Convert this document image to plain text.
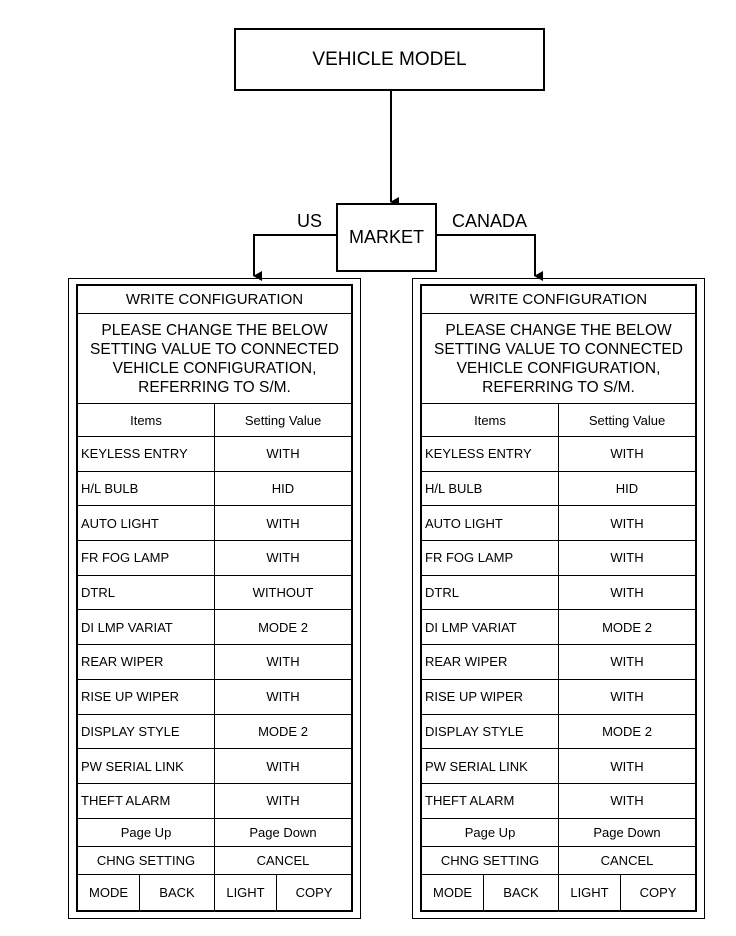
VEHICLE MODEL
MARKET
US	CANADA
WRITE CONFIGURATION
PLEASE CHANGE THE BELOW SETTING VALUE TO CONNECTED VEHICLE CONFIGURATION, REFERRING TO S/M.
Items	Setting Value
KEYLESS ENTRY	WITH
H/L BULB	HID
AUTO LIGHT	WITH
FR FOG LAMP	WITH
DTRL	WITHOUT
DI LMP VARIAT	MODE 2
REAR WIPER	WITH
RISE UP WIPER	WITH
DISPLAY STYLE	MODE 2
PW SERIAL LINK	WITH
THEFT ALARM	WITH
Page Up	Page Down
CHNG SETTING	CANCEL
MODE	BACK	LIGHT	COPY
WRITE CONFIGURATION
PLEASE CHANGE THE BELOW SETTING VALUE TO CONNECTED VEHICLE CONFIGURATION, REFERRING TO S/M.
Items	Setting Value
KEYLESS ENTRY	WITH
H/L BULB	HID
AUTO LIGHT	WITH
FR FOG LAMP	WITH
DTRL	WITH
DI LMP VARIAT	MODE 2
REAR WIPER	WITH
RISE UP WIPER	WITH
DISPLAY STYLE	MODE 2
PW SERIAL LINK	WITH
THEFT ALARM	WITH
Page Up	Page Down
CHNG SETTING	CANCEL
MODE	BACK	LIGHT	COPY
